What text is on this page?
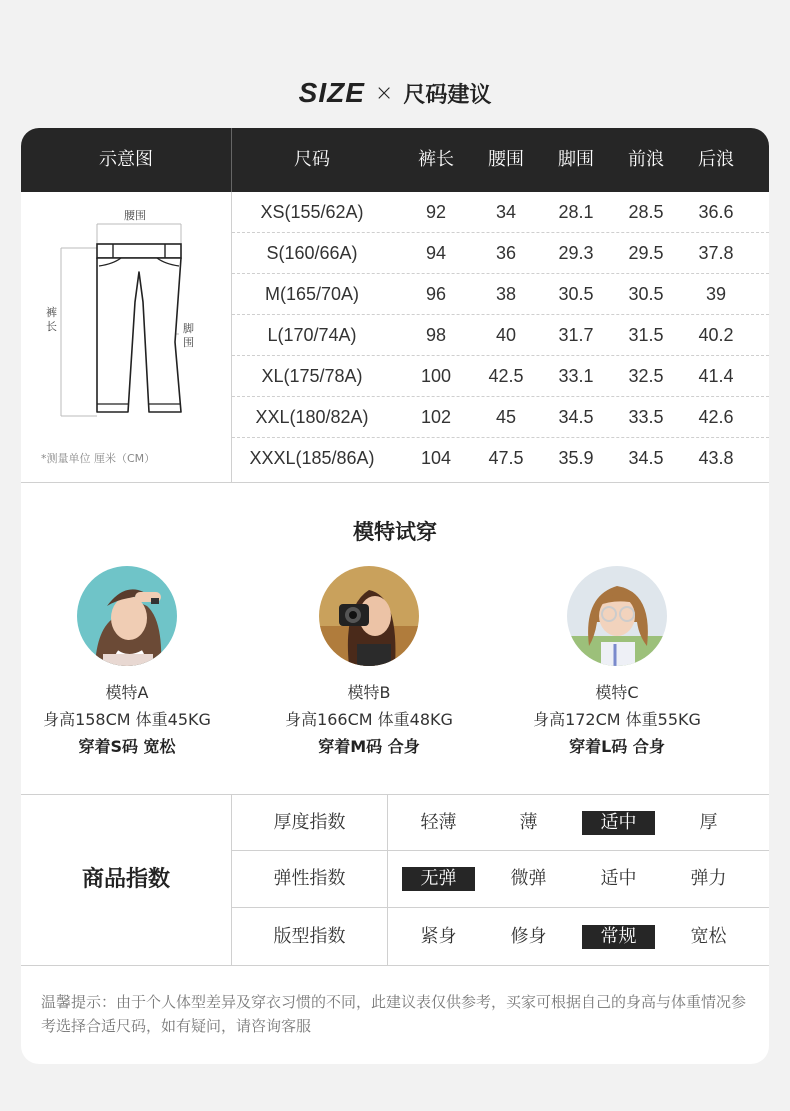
SIZE × 尺码建议
示意图	尺码	裤长	腰围	脚围	前浪	后浪
腰围
裤
长	脚
围
*测量单位 厘米（CM）
XS(155/62A)	92	34	28.1	28.5	36.6
S(160/66A)	94	36	29.3	29.5	37.8
M(165/70A)	96	38	30.5	30.5	39
L(170/74A)	98	40	31.7	31.5	40.2
XL(175/78A)	100	42.5	33.1	32.5	41.4
XXL(180/82A)	102	45	34.5	33.5	42.6
XXXL(185/86A)	104	47.5	35.9	34.5	43.8
模特试穿
模特A
身高158CM 体重45KG
穿着S码 宽松
模特B
身高166CM 体重48KG
穿着M码 合身
模特C
身高172CM 体重55KG
穿着L码 合身
商品指数
厚度指数	轻薄	薄	适中	厚
弹性指数	无弹	微弹	适中	弹力
版型指数	紧身	修身	常规	宽松
温馨提示：由于个人体型差异及穿衣习惯的不同，此建议表仅供参考，买家可根据自己的身高与体重情况参考选择合适尺码，如有疑问，请咨询客服
